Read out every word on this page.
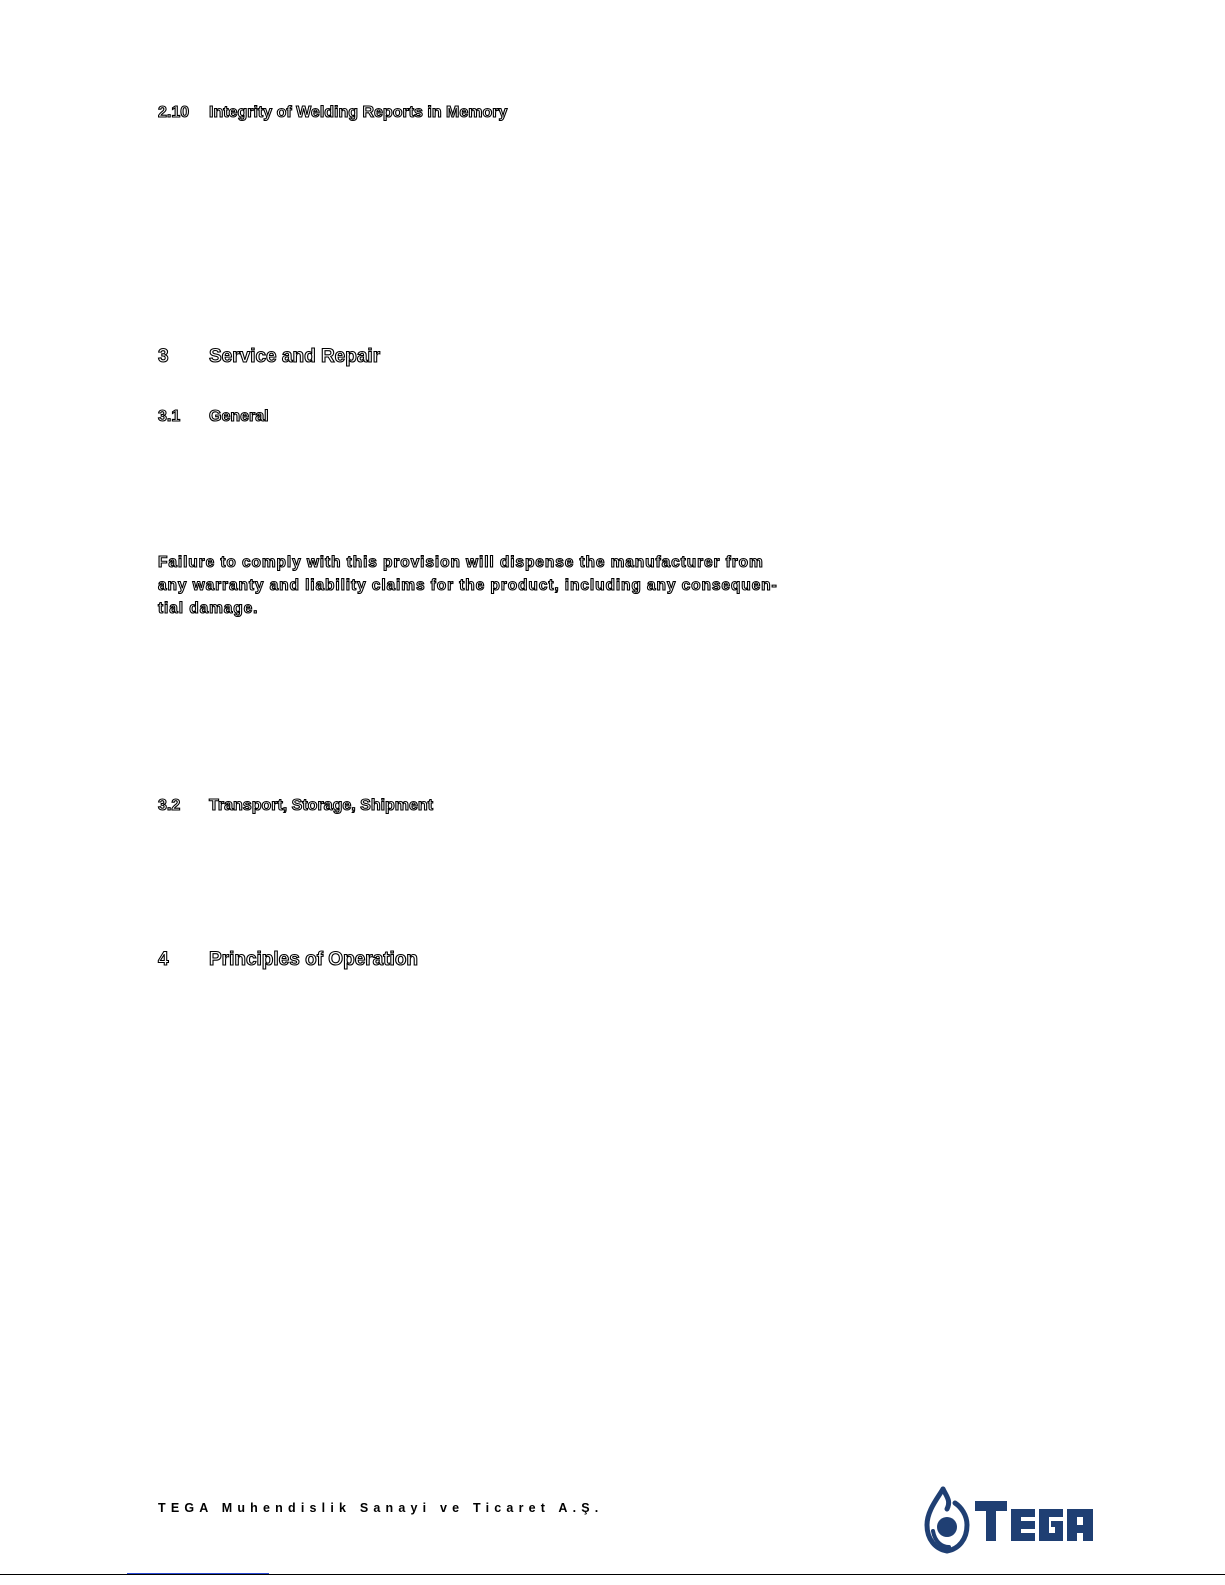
2.10 Integrity of Welding Reports in Memory
3 Service and Repair
3.1 General

Failure to comply with this provision will dispense the manufacturer from any warranty and liability claims for the product, including any consequen-tial damage.

3.2 Transport, Storage, Shipment
4 Principles of Operation

TEGA Muhendislik Sanayi ve Ticaret A.Ş.
